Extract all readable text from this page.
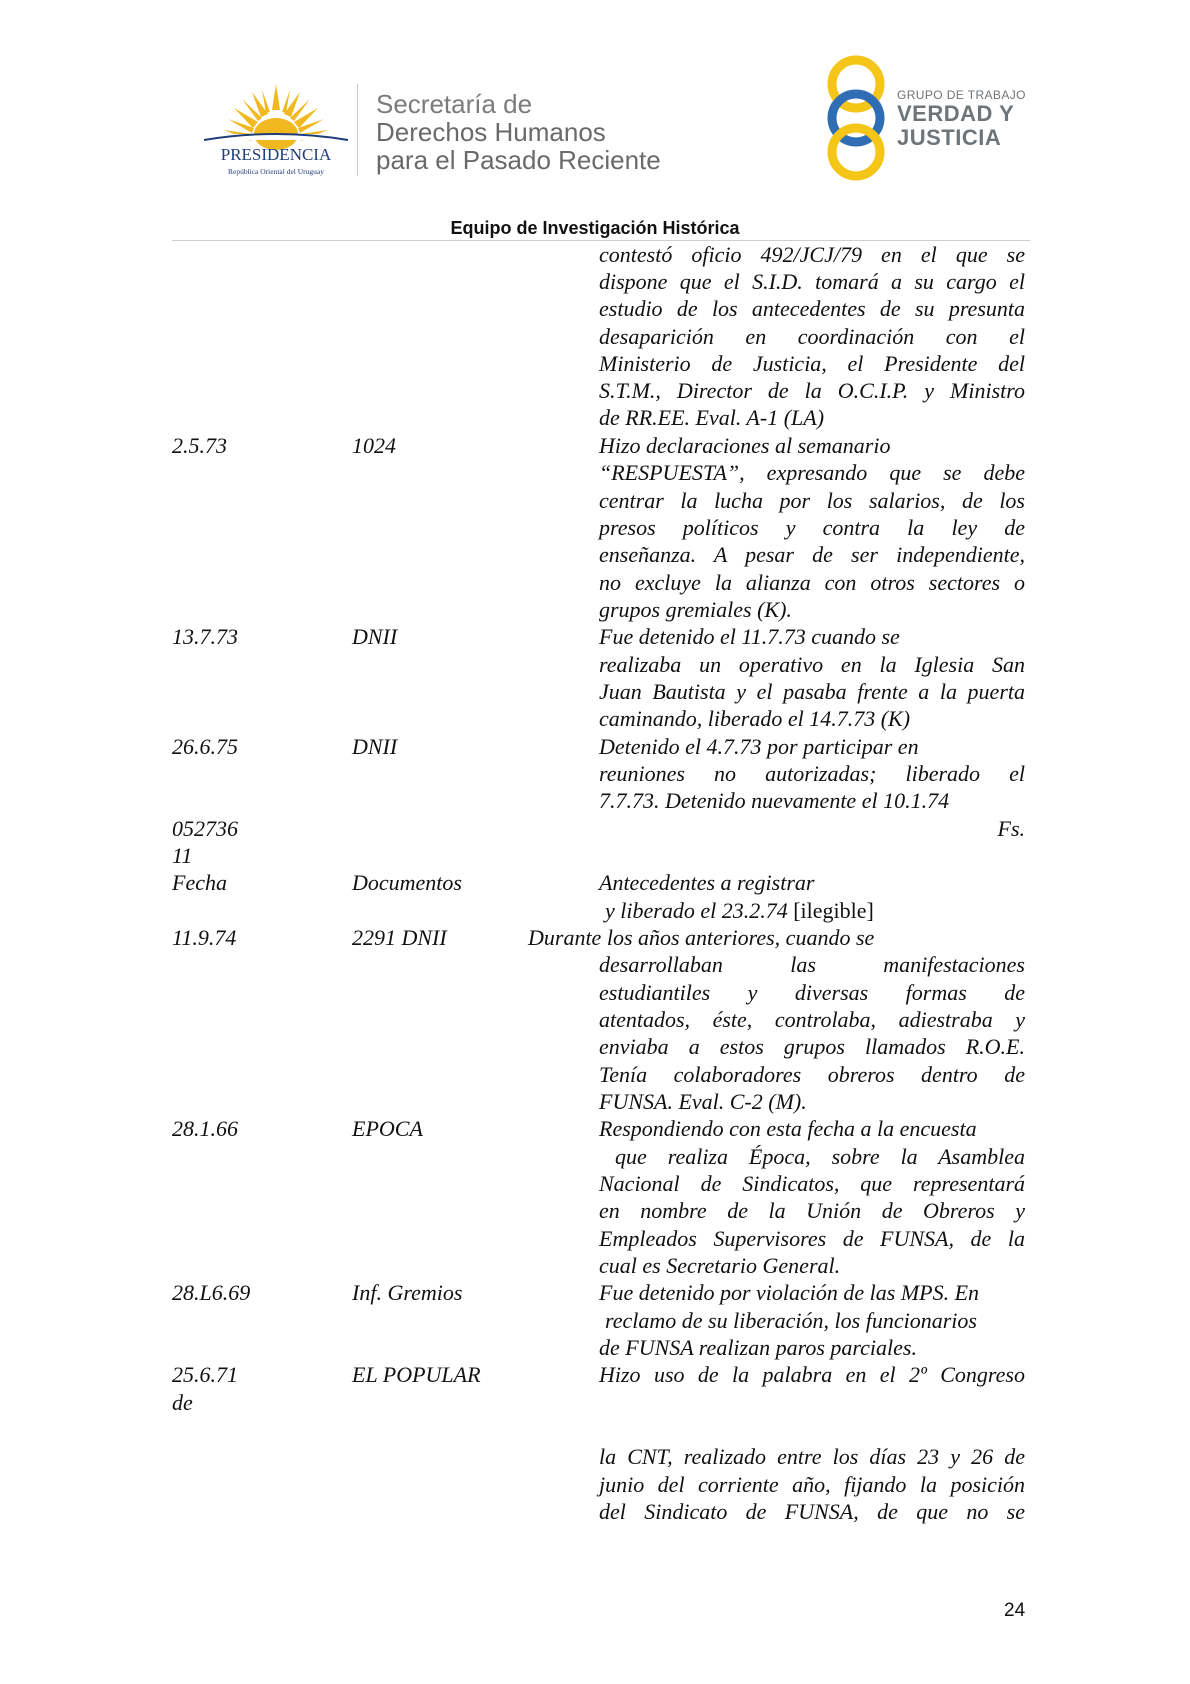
PRESIDENCIA
República Oriental del Uruguay
Secretaría de
Derechos Humanos
para el Pasado Reciente
GRUPO DE TRABAJO
VERDAD Y
JUSTICIA
Equipo de Investigación Histórica
contestó oficio 492/JCJ/79 en el que se
dispone que el S.I.D. tomará a su cargo el
estudio de los antecedentes de su presunta
desaparición en coordinación con el
Ministerio de Justicia, el Presidente del
S.T.M., Director de la O.C.I.P. y Ministro
de RR.EE. Eval. A-1 (LA)
2.5.73	1024	Hizo declaraciones al semanario
“RESPUESTA”, expresando que se debe
centrar la lucha por los salarios, de los
presos políticos y contra la ley de
enseñanza. A pesar de ser independiente,
no excluye la alianza con otros sectores o
grupos gremiales (K).
13.7.73	DNII	Fue detenido el 11.7.73 cuando se
realizaba un operativo en la Iglesia San
Juan Bautista y el pasaba frente a la puerta
caminando, liberado el 14.7.73 (K)
26.6.75	DNII	Detenido el 4.7.73 por participar en
reuniones no autorizadas; liberado el
7.7.73. Detenido nuevamente el 10.1.74
052736	Fs.
11
Fecha	Documentos	Antecedentes a registrar
y liberado el 23.2.74 [ilegible]
11.9.74	2291 DNII	Durante los años anteriores, cuando se
desarrollaban las manifestaciones
estudiantiles y diversas formas de
atentados, éste, controlaba, adiestraba y
enviaba a estos grupos llamados R.O.E.
Tenía colaboradores obreros dentro de
FUNSA. Eval. C-2 (M).
28.1.66	EPOCA	Respondiendo con esta fecha a la encuesta
que realiza Época, sobre la Asamblea
Nacional de Sindicatos, que representará
en nombre de la Unión de Obreros y
Empleados Supervisores de FUNSA, de la
cual es Secretario General.
28.L6.69	Inf. Gremios	Fue detenido por violación de las MPS. En
reclamo de su liberación, los funcionarios
de FUNSA realizan paros parciales.
25.6.71	EL POPULAR	Hizo uso de la palabra en el 2º Congreso
de
la CNT, realizado entre los días 23 y 26 de
junio del corriente año, fijando la posición
del Sindicato de FUNSA, de que no se
24
